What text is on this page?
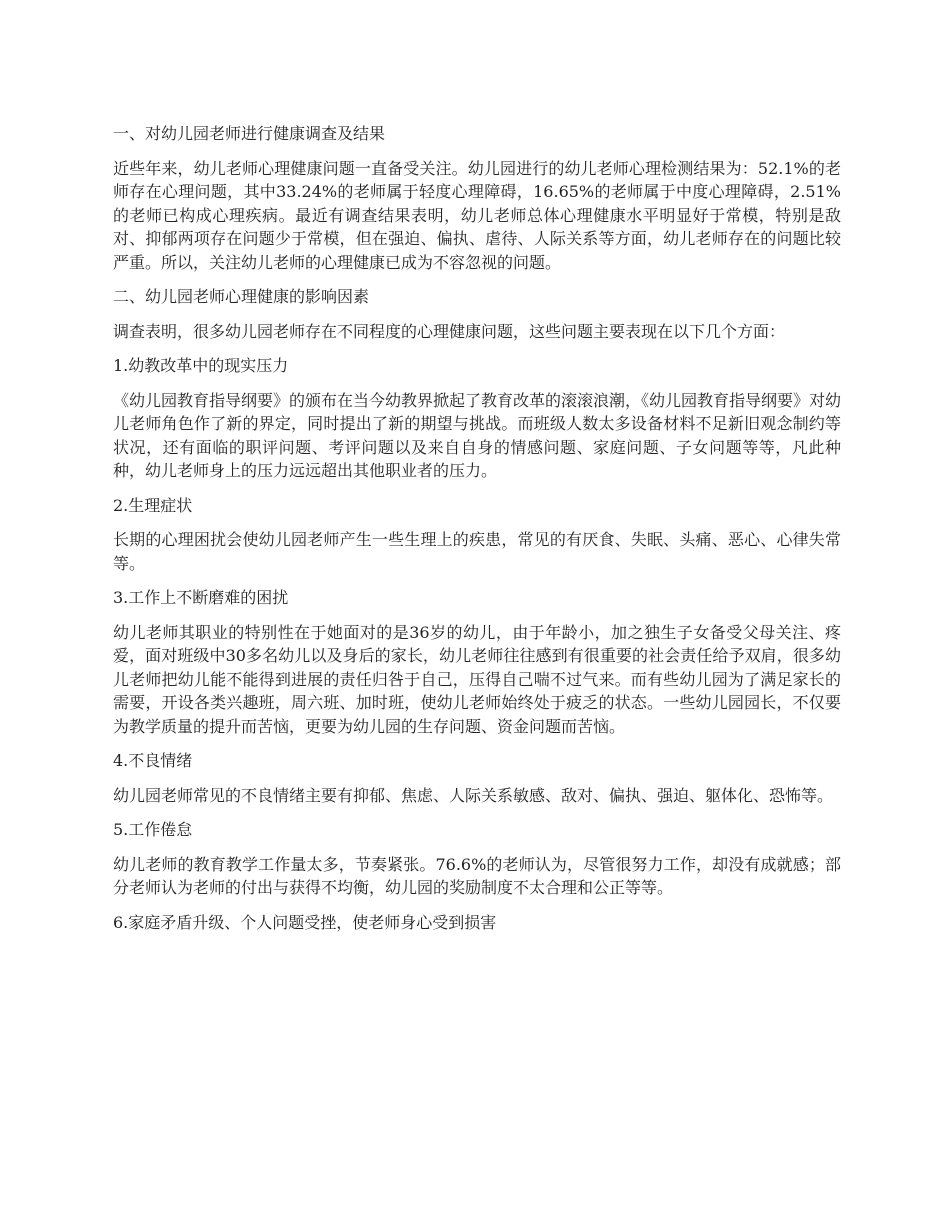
一、对幼儿园老师进行健康调查及结果
近些年来，幼儿老师心理健康问题一直备受关注。幼儿园进行的幼儿老师心理检测结果为：52.1%的老师存在心理问题，其中33.24%的老师属于轻度心理障碍，16.65%的老师属于中度心理障碍，2.51%的老师已构成心理疾病。最近有调查结果表明，幼儿老师总体心理健康水平明显好于常模，特别是敌对、抑郁两项存在问题少于常模，但在强迫、偏执、虐待、人际关系等方面，幼儿老师存在的问题比较严重。所以，关注幼儿老师的心理健康已成为不容忽视的问题。
二、幼儿园老师心理健康的影响因素
调查表明，很多幼儿园老师存在不同程度的心理健康问题，这些问题主要表现在以下几个方面：
1.幼教改革中的现实压力
《幼儿园教育指导纲要》的颁布在当今幼教界掀起了教育改革的滚滚浪潮，《幼儿园教育指导纲要》对幼儿老师角色作了新的界定，同时提出了新的期望与挑战。而班级人数太多设备材料不足新旧观念制约等状况，还有面临的职评问题、考评问题以及来自自身的情感问题、家庭问题、子女问题等等，凡此种种，幼儿老师身上的压力远远超出其他职业者的压力。
2.生理症状
长期的心理困扰会使幼儿园老师产生一些生理上的疾患，常见的有厌食、失眠、头痛、恶心、心律失常等。
3.工作上不断磨难的困扰
幼儿老师其职业的特别性在于她面对的是36岁的幼儿，由于年龄小，加之独生子女备受父母关注、疼爱，面对班级中30多名幼儿以及身后的家长，幼儿老师往往感到有很重要的社会责任给予双肩，很多幼儿老师把幼儿能不能得到进展的责任归咎于自己，压得自己喘不过气来。而有些幼儿园为了满足家长的需要，开设各类兴趣班，周六班、加时班，使幼儿老师始终处于疲乏的状态。一些幼儿园园长，不仅要为教学质量的提升而苦恼，更要为幼儿园的生存问题、资金问题而苦恼。
4.不良情绪
幼儿园老师常见的不良情绪主要有抑郁、焦虑、人际关系敏感、敌对、偏执、强迫、躯体化、恐怖等。
5.工作倦怠
幼儿老师的教育教学工作量太多，节奏紧张。76.6%的老师认为，尽管很努力工作，却没有成就感；部分老师认为老师的付出与获得不均衡，幼儿园的奖励制度不太合理和公正等等。
6.家庭矛盾升级、个人问题受挫，使老师身心受到损害
